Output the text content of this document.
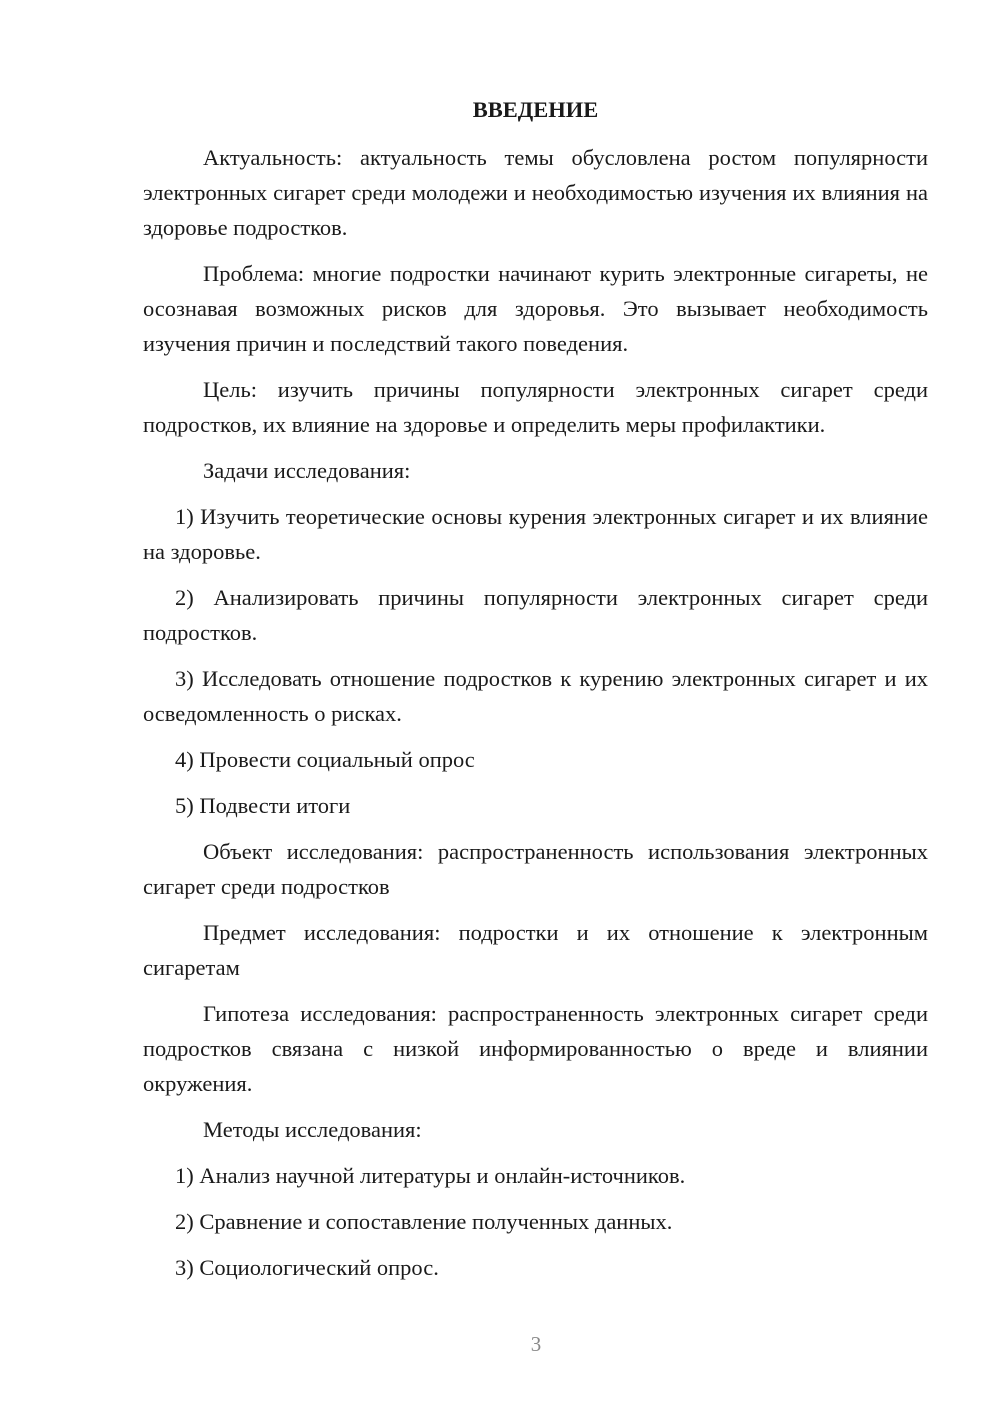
ВВЕДЕНИЕ

Актуальность: актуальность темы обусловлена ростом популярности электронных сигарет среди молодежи и необходимостью изучения их влияния на здоровье подростков.

Проблема: многие подростки начинают курить электронные сигареты, не осознавая возможных рисков для здоровья. Это вызывает необходимость изучения причин и последствий такого поведения.

Цель: изучить причины популярности электронных сигарет среди подростков, их влияние на здоровье и определить меры профилактики.

Задачи исследования:

1) Изучить теоретические основы курения электронных сигарет и их влияние на здоровье.

2) Анализировать причины популярности электронных сигарет среди подростков.

3) Исследовать отношение подростков к курению электронных сигарет и их осведомленность о рисках.

4) Провести социальный опрос

5) Подвести итоги

Объект исследования: распространенность использования электронных сигарет среди подростков

Предмет исследования: подростки и их отношение к электронным сигаретам

Гипотеза исследования: распространенность электронных сигарет среди подростков связана с низкой информированностью о вреде и влиянии окружения.

Методы исследования:

1) Анализ научной литературы и онлайн-источников.

2) Сравнение и сопоставление полученных данных.

3) Социологический опрос.

3
